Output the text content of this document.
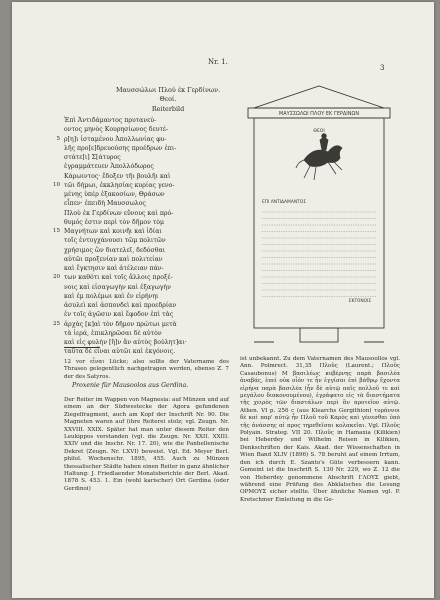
Nr. 1.
3
Μαυσσώλωι Πλού έκ Γερδίνων.
Θεοί.
Reiterbild
Ἐπὶ Ἀντιδάμαντος πρυτανεύ-
οντος μηνὸς Κουρησίωνος δευτέ-
5 ρ[η]ι ἱσταμένου Ἀπολλωνίας φυ-
λῆς προ[ε]δρευούσης προέδρων ἐπι-
στάτε[ι] Σ[άτυρος
ἐγραμμάτευεν Ἀπολλόδωρος
Κάρωιντος· ἔδοξεν τῆι βουλῆι καὶ
10 τῶι δήμωι, ἐκκλησίας κυρίας γενο-
μένης ὑπὲρ ἑξακοσίων, Θράσων
εἶπεν· ἐπειδὴ Μαυσσωλος
Πλοὺ ἐκ Γερδίνων εὔνους καὶ πρό-
θυμός ἐστιν περὶ τὸν δῆμον τὸμ
15 Μαγνήτων καὶ κοινῆι καὶ ἰδίαι
τοῖς ἐντυγχάνουσι τῶμ πολιτῶν
χρήσιμος ὢν διατελεῖ, δεδόσθαι
αὐτῶι προξενίαν καὶ πολιτείαν
καὶ ἔγκτησιν καὶ ἀτέλειαν πάν-
20 των καθότι καὶ τοῖς ἄλλοις προξέ-
νοις καὶ εἰσαγωγὴν καὶ ἐξαγωγὴν
καὶ ἐμ πολέμωι καὶ ἐν εἰρήνηι
ἀσυλεὶ καὶ ἀσπονδεὶ καὶ προεδρίαν
ἐν τοῖς ἀγῶσιν καὶ ἔφοδον ἐπὶ τὰς
25 ἀρχὰς [κ]αὶ τὸν δῆμον πρώτωι μετὰ
τὰ ἱερά, ἐπικληρῶσαι δὲ αὐτὸν
καὶ εἰς φυλὴν [ἣ]ν ἂν αὐτὸς βούλητ]αι·
ταῦτα δὲ εἶναι αὐτῶι καὶ ἐκγόνοις.
ΜΑΥΣΣΩΛΩΙ ΠΛΟΥ ΕΚ ΓΕΡΔΙΝΩΝ
ΘΕΟΙ
ΕΠΙ ΑΝΤΙΔΑΜΑΝΤΟΣ
ΕΚΓΟΝΟΙΣ
12 vor εἶναι Lücke; also sollte der Vatername des Thraseo gelegentlich nachgetragen werden, ebenso Z. 7 der des Satyros.
Proxenie für Mausoolos aus Gerdina.
Der Reiter im Wappen von Magnesia: auf Münzen und auf einem an der Südwestecke der Agora gefundenen Ziegelfragment, auch am Kopf der Inschrift Nr. 90. Die Magneten waren auf (ihre Reiterei stolz; vgl. Zeugn. Nr. XXVIII. XXIX. Später hat man unter diesem Reiter den Leukippos verstanden (vgl. die Zeugn. Nr. XXII. XXIII. XXIV und die Inschr. Nr. 17. 20), wie die Panhellenische Dekret (Zeugn. Nr. LXVI) beweist. Vgl. Ed. Meyer Berl. philol. Wochenschr. 1895, 455. Auch zu Münzen thessalischer Städte haben einen Reiter in ganz ähnlicher Haltung: J. Friedlaender Monatsberichte der Berl. Akad. 1878 S. 453. 1. Ein (wohl karischer) Ort Gerdina (oder Gerdinoi)
ist unbekannt. Zu dem Vaternamen des Mausoollos vgl. Ann. Polmrect. 31,35 Πλοῦς (Laurent.; Πλοῦς Casaubonus) Μ βασιλέως κυβέρνης παρὰ βασιλέα ἀναβάς, ἐπεὶ οὐκ οἶόν τε ἦν ἐγγίσαι ἐπὶ βάθρῳ ἔχοντα εἰρήνα παρὰ βασιλέα (ἦν δὲ αὐτῷ παῖς πολλοῦ τε καὶ μεγάλου διακονουμένου), ἐγράφατο εἰς τὰ διαστήματα τῆς χειρὸς τῶν διαστάλων περὶ ἂν προτεῖον αὐτῷ. Athen. VI p. 256 c (aus Klearchs Gergithion) τυράννοι δὲ καὶ παρ' αὐτῷ ἦν Πλοῦ τοῦ Καρὸς καὶ γένεσθαι ὑπὸ τῆς ἀνάσσης αἱ προς τηρεθεῖσαι κολακεῖαι. Vgl. Πλοῦς Polyain. Strateg. VII 20. Πλοῦς in Hamaxia (Kilikien) bei Heberdey und Wilhelm Reisen in Kilikien, Denkschriften der Kais. Akad. der Wissenschaften in Wien Band XLIV (1896) S. 78 beruht auf einem Irrtum, den ich durch E. Szanto's Güte verbessern kann. Gemeint ist die Inschrift S. 130 Nr. 229, wo Z. 12 die von Heberdey genommene Abschrift ΓΛΟΥΣ giebt, während eine Prüfung des Abklatsches die Lesung ΟΡΜΟΥΣ sicher stellte. Über ähnliche Namen vgl. P. Kretschmer Einleitung in die Ge-
